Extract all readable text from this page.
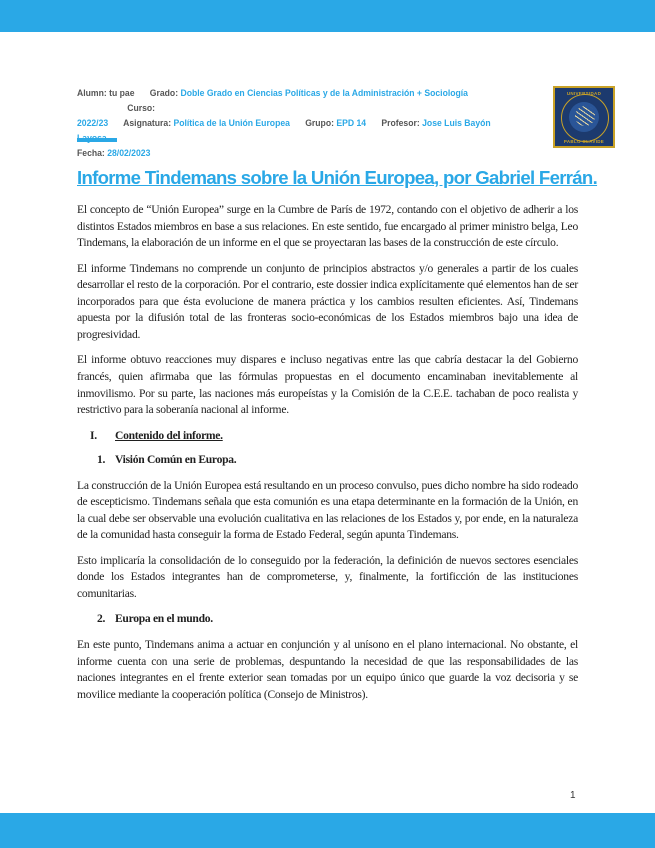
Alumn: tu pae Grado: Doble Grado en Ciencias Políticas y de la Administración + Sociología Curso:
2022/23 Asignatura: Política de la Unión Europea Grupo: EPD 14 Profesor: Jose Luis Bayón
Fecha: 28/02/2023
UNIVERSIDAD
PABLO OLAVIDE
Informe Tindemans sobre la Unión Europea, por Gabriel Ferrán.

El concepto de “Unión Europea” surge en la Cumbre de París de 1972, contando con el objetivo de adherir a los distintos Estados miembros en base a sus relaciones. En este sentido, fue encargado al primer ministro belga, Leo Tindemans, la elaboración de un informe en el que se proyectaran las bases de la construcción de este círculo.

El informe Tindemans no comprende un conjunto de principios abstractos y/o generales a partir de los cuales desarrollar el resto de la corporación. Por el contrario, este dossier indica explícitamente qué elementos han de ser incorporados para que ésta evolucione de manera práctica y los cambios resulten eficientes. Así, Tindemans apuesta por la difusión total de las fronteras socio-económicas de los Estados miembros bajo una idea de progresividad.

El informe obtuvo reacciones muy dispares e incluso negativas entre las que cabría destacar la del Gobierno francés, quien afirmaba que las fórmulas propuestas en el documento encaminaban inevitablemente al inmovilismo. Por su parte, las naciones más europeístas y la Comisión de la C.E.E. tachaban de poco realista y restrictivo para la soberanía nacional al informe.

I. Contenido del informe.
1. Visión Común en Europa.

La construcción de la Unión Europea está resultando en un proceso convulso, pues dicho nombre ha sido rodeado de escepticismo. Tindemans señala que esta comunión es una etapa determinante en la formación de la Unión, en la cual debe ser observable una evolución cualitativa en las relaciones de los Estados y, por ende, en la naturaleza de la comunidad hasta conseguir la forma de Estado Federal, según apunta Tindemans.

Esto implicaría la consolidación de lo conseguido por la federación, la definición de nuevos sectores esenciales donde los Estados integrantes han de comprometerse, y, finalmente, la fortificción de las instituciones comunitarias.

2. Europa en el mundo.

En este punto, Tindemans anima a actuar en conjunción y al unísono en el plano internacional. No obstante, el informe cuenta con una serie de problemas, despuntando la necesidad de que las responsabilidades de las naciones integrantes en el frente exterior sean tomadas por un equipo único que guarde la voz decisoria y se movilice mediante la cooperación política (Consejo de Ministros).

1
